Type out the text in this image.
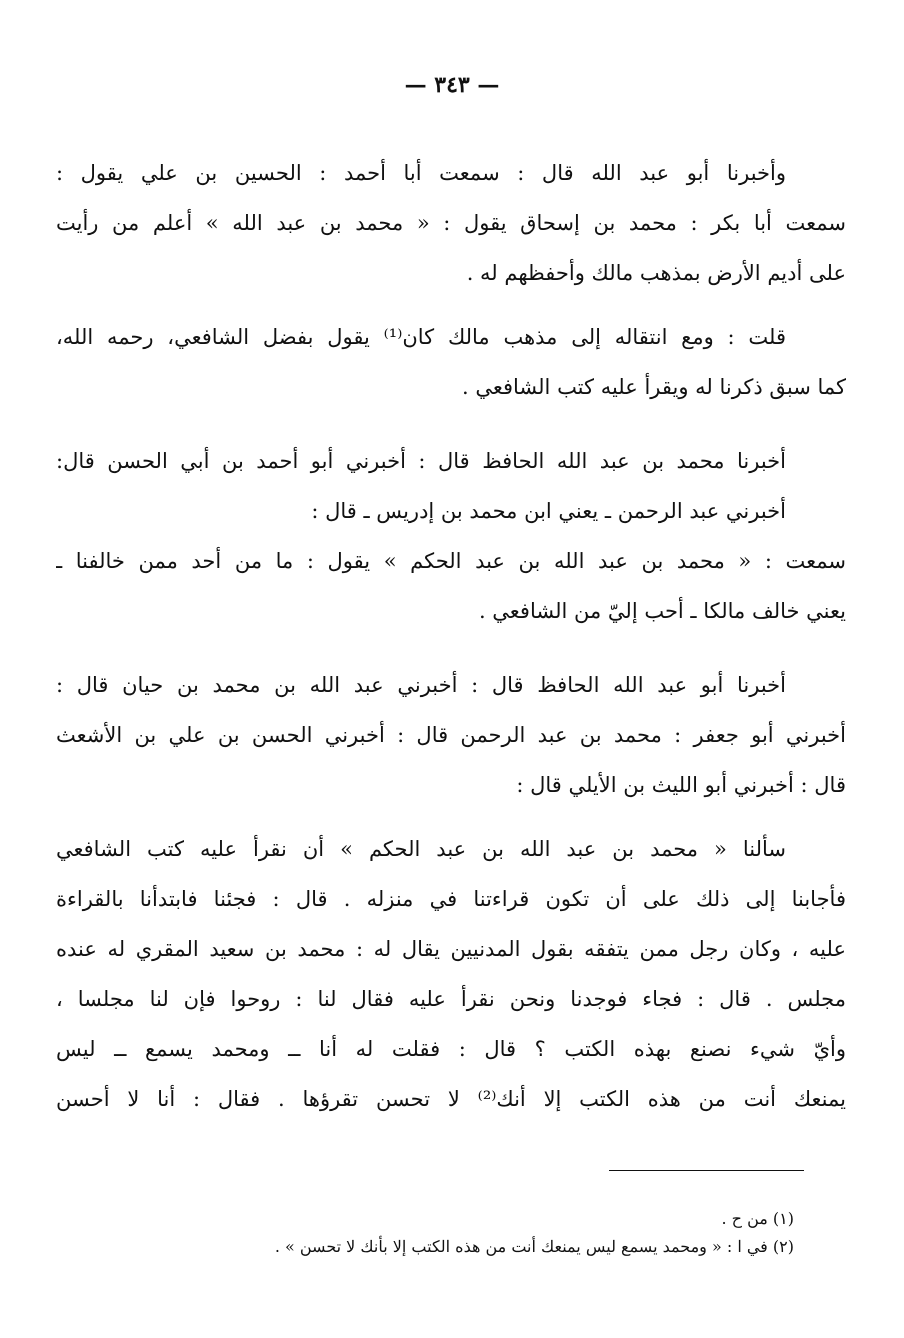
— ٣٤٣ —
وأخبرنا أبو عبد الله قال : سمعت أبا أحمد : الحسين بن علي يقول :
سمعت أبا بكر : محمد بن إسحاق يقول : « محمد بن عبد الله » أعلم من رأيت
على أديم الأرض بمذهب مالك وأحفظهم له .
قلت : ومع انتقاله إلى مذهب مالك كان⁽¹⁾ يقول بفضل الشافعي، رحمه الله،
كما سبق ذكرنا له ويقرأ عليه كتب الشافعي .
أخبرنا محمد بن عبد الله الحافظ قال : أخبرني أبو أحمد بن أبي الحسن قال:
أخبرني عبد الرحمن ـ يعني ابن محمد بن إدريس ـ قال :
سمعت : « محمد بن عبد الله بن عبد الحكم » يقول : ما من أحد ممن خالفنا ـ
يعني خالف مالكا ـ أحب إليّ من الشافعي .
أخبرنا أبو عبد الله الحافظ قال : أخبرني عبد الله بن محمد بن حيان قال :
أخبرني أبو جعفر : محمد بن عبد الرحمن قال : أخبرني الحسن بن علي بن الأشعث
قال : أخبرني أبو الليث بن الأيلي قال :
سألنا « محمد بن عبد الله بن عبد الحكم » أن نقرأ عليه كتب الشافعي
فأجابنا إلى ذلك على أن تكون قراءتنا في منزله . قال : فجئنا فابتدأنا بالقراءة
عليه ، وكان رجل ممن يتفقه بقول المدنيين يقال له : محمد بن سعيد المقري له عنده
مجلس . قال : فجاء فوجدنا ونحن نقرأ عليه فقال لنا : روحوا فإن لنا مجلسا ،
وأيّ شيء نصنع بهذه الكتب ؟ قال : فقلت له أنا ــ ومحمد يسمع ــ ليس
يمنعك أنت من هذه الكتب إلا أنك⁽²⁾ لا تحسن تقرؤها . فقال : أنا لا أحسن
(١) من ح .
(٢) في ا : « ومحمد يسمع ليس يمنعك أنت من هذه الكتب إلا بأنك لا تحسن » .
